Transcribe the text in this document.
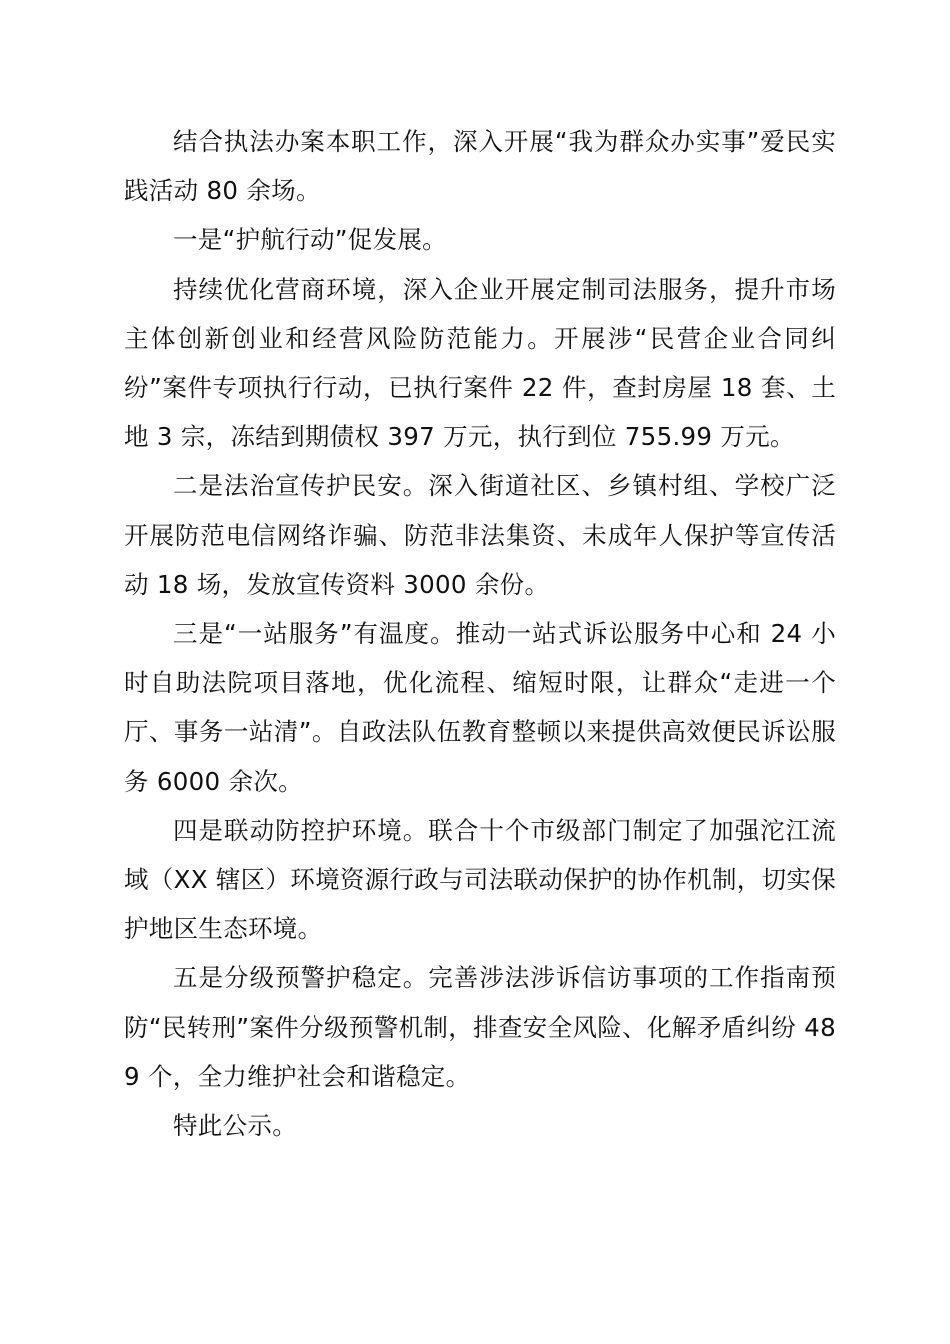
结合执法办案本职工作，深入开展“我为群众办实事”爱民实践活动 80 余场。

一是“护航行动”促发展。

持续优化营商环境，深入企业开展定制司法服务，提升市场主体创新创业和经营风险防范能力。开展涉“民营企业合同纠纷”案件专项执行行动，已执行案件 22 件，查封房屋 18 套、土地 3 宗，冻结到期债权 397 万元，执行到位 755.99 万元。

二是法治宣传护民安。深入街道社区、乡镇村组、学校广泛开展防范电信网络诈骗、防范非法集资、未成年人保护等宣传活动 18 场，发放宣传资料 3000 余份。

三是“一站服务”有温度。推动一站式诉讼服务中心和 24 小时自助法院项目落地，优化流程、缩短时限，让群众“走进一个厅、事务一站清”。自政法队伍教育整顿以来提供高效便民诉讼服务 6000 余次。

四是联动防控护环境。联合十个市级部门制定了加强沱江流域（XX 辖区）环境资源行政与司法联动保护的协作机制，切实保护地区生态环境。

五是分级预警护稳定。完善涉法涉诉信访事项的工作指南预防“民转刑”案件分级预警机制，排查安全风险、化解矛盾纠纷 489 个，全力维护社会和谐稳定。

特此公示。
